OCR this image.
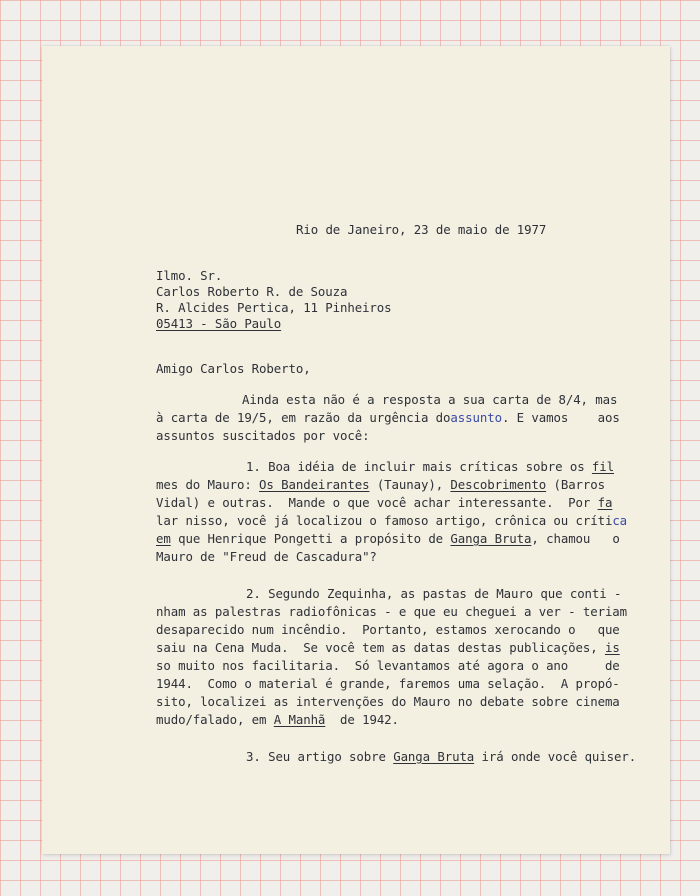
Rio de Janeiro, 23 de maio de 1977
Ilmo. Sr.
Carlos Roberto R. de Souza
R. Alcides Pertica, 11 Pinheiros
05413 - São Paulo
Amigo Carlos Roberto,
Ainda esta não é a resposta a sua carta de 8/4, mas
à carta de 19/5, em razão da urgência doassunto. E vamos    aos
assuntos suscitados por você:
1. Boa idéia de incluir mais críticas sobre os fil
mes do Mauro: Os Bandeirantes (Taunay), Descobrimento (Barros
Vidal) e outras.  Mande o que você achar interessante.  Por fa
lar nisso, você já localizou o famoso artigo, crônica ou crítica
em que Henrique Pongetti a propósito de Ganga Bruta, chamou   o
Mauro de "Freud de Cascadura"?
2. Segundo Zequinha, as pastas de Mauro que conti -
nham as palestras radiofônicas - e que eu cheguei a ver - teriam
desaparecido num incêndio.  Portanto, estamos xerocando o   que
saiu na Cena Muda.  Se você tem as datas destas publicações, is
so muito nos facilitaria.  Só levantamos até agora o ano     de
1944.  Como o material é grande, faremos uma selação.  A propó-
sito, localizei as intervenções do Mauro no debate sobre cinema
mudo/falado, em A Manhã  de 1942.
3. Seu artigo sobre Ganga Bruta irá onde você quiser.
